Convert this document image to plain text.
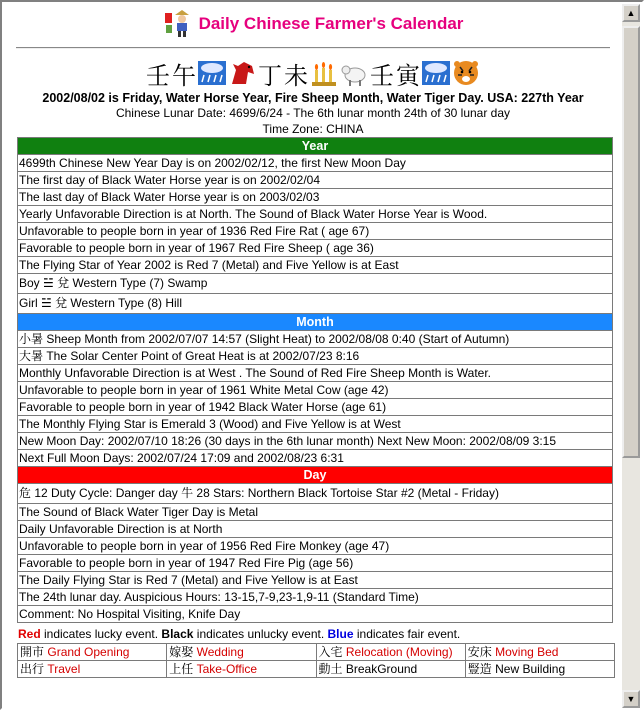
Daily Chinese Farmer's Calendar
壬 午	丁 未	壬 寅
2002/08/02 is Friday, Water Horse Year, Fire Sheep Month, Water Tiger Day. USA: 227th Year
Chinese Lunar Date: 4699/6/24 - The 6th lunar month 24th of 30 lunar day
Time Zone: CHINA
Year
4699th Chinese New Year Day is on 2002/02/12, the first New Moon Day
The first day of Black Water Horse year is on 2002/02/04
The last day of Black Water Horse year is on 2003/02/03
Yearly Unfavorable Direction is at North. The Sound of Black Water Horse Year is Wood.
Unfavorable to people born in year of 1936 Red Fire Rat ( age 67)
Favorable to people born in year of 1967 Red Fire Sheep ( age 36)
The Flying Star of Year 2002 is Red 7 (Metal) and Five Yellow is at East
Boy ☱ 兌 Western Type (7) Swamp
Girl ☱ 兌 Western Type (8) Hill
Month
小暑 Sheep Month from 2002/07/07 14:57 (Slight Heat) to 2002/08/08 0:40 (Start of Autumn)
大暑 The Solar Center Point of Great Heat is at 2002/07/23 8:16
Monthly Unfavorable Direction is at West . The Sound of Red Fire Sheep Month is Water.
Unfavorable to people born in year of 1961 White Metal Cow (age 42)
Favorable to people born in year of 1942 Black Water Horse (age 61)
The Monthly Flying Star is Emerald 3 (Wood) and Five Yellow is at West
New Moon Day: 2002/07/10 18:26 (30 days in the 6th lunar month) Next New Moon: 2002/08/09 3:15
Next Full Moon Days: 2002/07/24 17:09 and 2002/08/23 6:31
Day
危 12 Duty Cycle: Danger day 牛 28 Stars: Northern Black Tortoise Star #2 (Metal - Friday)
The Sound of Black Water Tiger Day is Metal
Daily Unfavorable Direction is at North
Unfavorable to people born in year of 1956 Red Fire Monkey (age 47)
Favorable to people born in year of 1947 Red Fire Pig (age 56)
The Daily Flying Star is Red 7 (Metal) and Five Yellow is at East
The 24th lunar day. Auspicious Hours: 13-15,7-9,23-1,9-11 (Standard Time)
Comment: No Hospital Visiting, Knife Day
Red indicates lucky event. Black indicates unlucky event. Blue indicates fair event.
開市 Grand Opening	嫁娶 Wedding	入宅 Relocation (Moving)	安床 Moving Bed
出行 Travel	上任 Take-Office	動土 BreakGround	豎造 New Building
▲
▼
